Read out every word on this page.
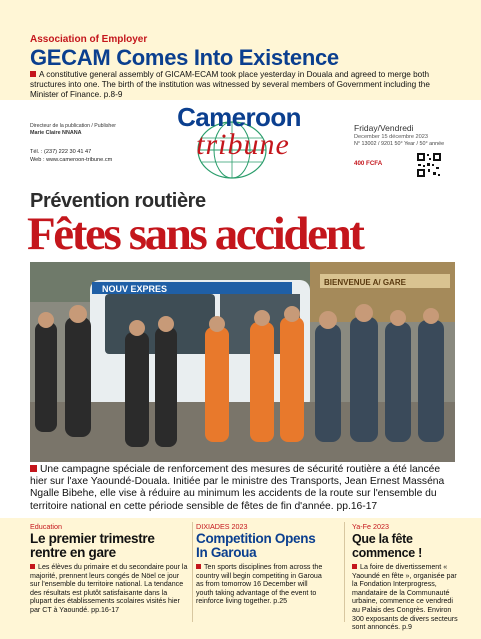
Association of Employer
GECAM Comes Into Existence
A constitutive general assembly of GICAM-ECAM took place yesterday in Douala and agreed to merge both structures into one. The birth of the institution was witnessed by several members of Government including the Minister of Finance. p.8-9
Directeur de la publication / Publisher
Marie Claire NNANA
Tél. : (237) 222 30 41 47
Web : www.cameroon-tribune.cm
Cameroon
tribune	Friday/Vendredi
December 15 décembre 2023
N° 13002 / 9201 50° Year / 50° année
400 FCFA
Prévention routière
Fêtes sans accident
BIENVENUE A/ GARE
NOUV EXPRES
Une campagne spéciale de renforcement des mesures de sécurité routière a été lancée hier sur l'axe Yaoundé-Douala. Initiée par le ministre des Transports, Jean Ernest Masséna Ngalle Bibehe, elle vise à réduire au minimum les accidents de la route sur l'ensemble du territoire national en cette période sensible de fêtes de fin d'année. pp.16-17
Education
Le premier trimestre rentre en gare
Les élèves du primaire et du secondaire pour la majorité, prennent leurs congés de Nöel ce jour sur l'ensemble du territoire national. La tendance des résultats est plutôt satisfaisante dans la plupart des établissements scolaires visités hier par CT à Yaoundé. pp.16-17
DIXIADES 2023
Competition Opens In Garoua
Ten sports disciplines from across the country will begin competiting in Garoua as from tomorrow 16 December will youth taking advantage of the event to reinforce living together. p.25
Ya-Fe 2023
Que la fête commence !
La foire de divertissement « Yaoundé en fête », organisée par la Fondation Interprogress, mandataire de la Communauté urbaine, commence ce vendredi au Palais des Congrès. Environ 300 exposants de divers secteurs sont annoncés. p.9
